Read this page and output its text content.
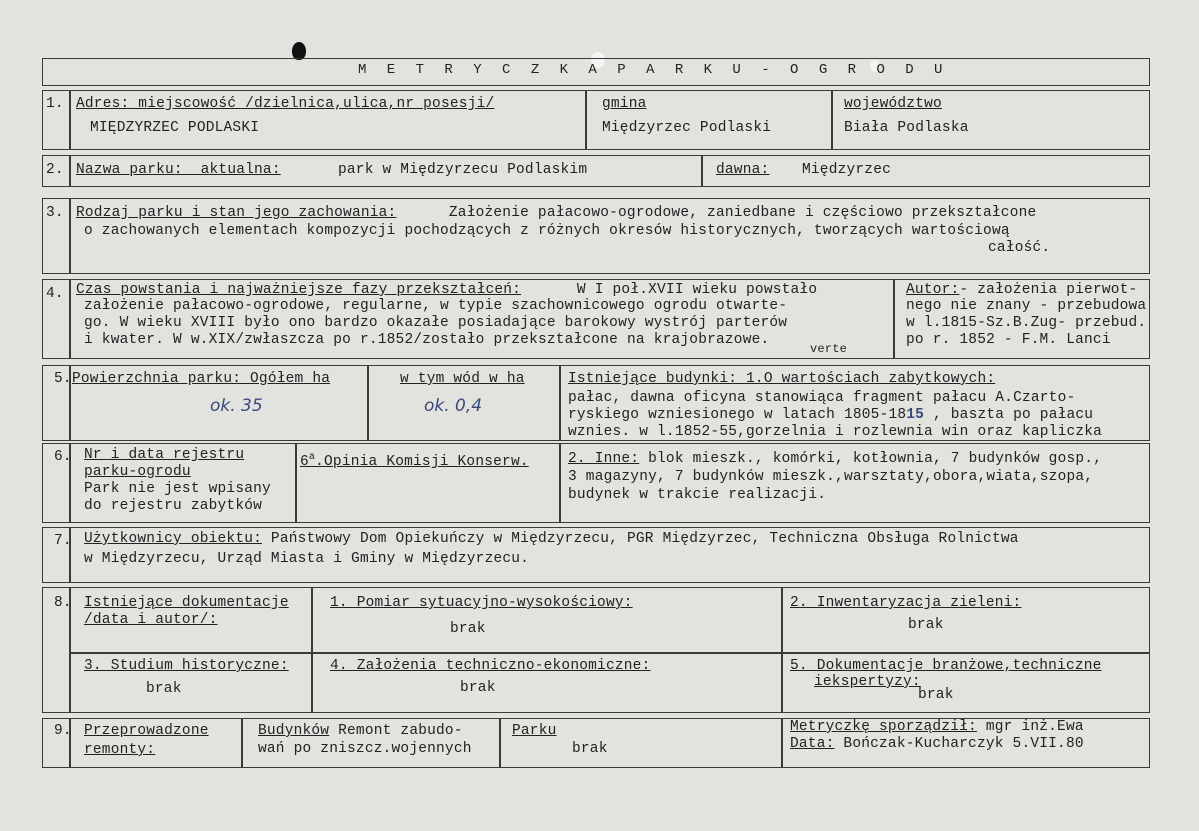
M E T R Y C Z K A P A R K U - O G R O D U
1. Adres: miejscowość /dzielnica,ulica,nr posesji/
MIĘDZYRZEC PODLASKI
gmina
Międzyrzec Podlaski
województwo
Biała Podlaska
2. Nazwa parku:  aktualna:	park w Międzyrzecu Podlaskim	dawna: Międzyrzec
3. Rodzaj parku i stan jego zachowania:	Założenie pałacowo-ogrodowe, zaniedbane i częściowo przekształcone
o zachowanych elementach kompozycji pochodzących z różnych okresów historycznych, tworzących wartościową
całość.
4. Czas powstania i najważniejsze fazy przekształceń:	W I poł.XVII wieku powstało
założenie pałacowo-ogrodowe, regularne, w typie szachownicowego ogrodu otwarte-
go. W wieku XVIII było ono bardzo okazałe posiadające barokowy wystrój parterów
i kwater. W w.XIX/zwłaszcza po r.1852/zostało przekształcone na krajobrazowe.
verte
Autor:- założenia pierwot-
nego nie znany - przebudowa
w l.1815-Sz.B.Zug- przebud.
po r. 1852 - F.M. Lanci
5. Powierzchnia parku: Ogółem ha
ok. 35
w tym wód w ha
ok. 0,4
Istniejące budynki: 1.O wartościach zabytkowych:
pałac, dawna oficyna stanowiąca fragment pałacu A.Czarto-
ryskiego wzniesionego w latach 1805-1815 , baszta po pałacu
wznies. w l.1852-55,gorzelnia i rozlewnia win oraz kapliczka
6. Nr i data rejestru
parku-ogrodu
Park nie jest wpisany
do rejestru zabytków
6$^a$.Opinia Komisji Konserw.	2. Inne: blok mieszk., komórki, kotłownia, 7 budynków gosp.,
3 magazyny, 7 budynków mieszk.,warsztaty,obora,wiata,szopa,
budynek w trakcie realizacji.
7. Użytkownicy obiektu: Państwowy Dom Opiekuńczy w Międzyrzecu, PGR Międzyrzec, Techniczna Obsługa Rolnictwa
w Międzyrzecu, Urząd Miasta i Gminy w Międzyrzecu.
8. Istniejące dokumentacje
/data i autor/:
1. Pomiar sytuacyjno-wysokościowy:
brak
2. Inwentaryzacja zieleni:
brak
3. Studium historyczne:
brak
4. Założenia techniczno-ekonomiczne:
brak
5. Dokumentacje branżowe,techniczne
iekspertyzy:
brak
9. Przeprowadzone
remonty:
Budynków Remont zabudo-
wań po zniszcz.wojennych
Parku
brak
Metryczkę sporządził: mgr inż.Ewa
Data: Bończak-Kucharczyk 5.VII.80
